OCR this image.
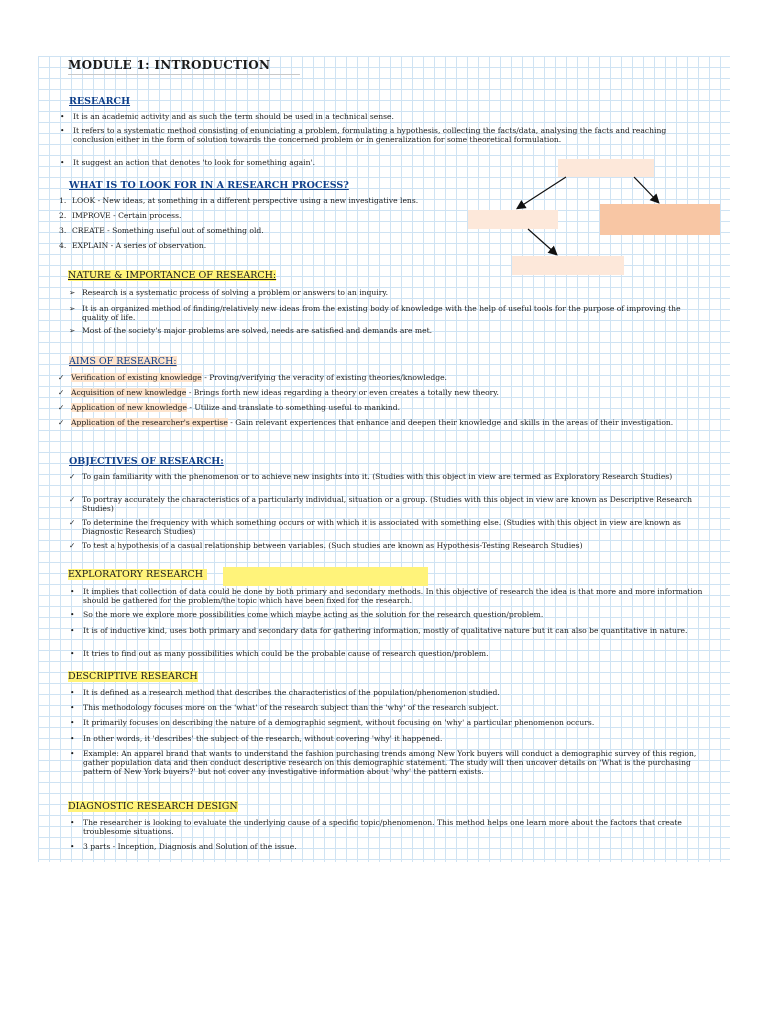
MODULE 1: INTRODUCTION
RESEARCH
•	It is an academic activity and as such the term should be used in a technical sense.
•	It refers to a systematic method consisting of enunciating a problem, formulating a hypothesis, collecting the facts/data, analysing the facts and reaching conclusion either in the form of solution towards the concerned problem or in generalization for some theoretical formulation.
•	It suggest an action that denotes 'to look for something again'.
WHAT IS TO LOOK FOR IN A RESEARCH PROCESS?
1. LOOK - New ideas, at something in a different perspective using a new investigative lens.
2. IMPROVE - Certain process.
3. CREATE - Something useful out of something old.
4. EXPLAIN - A series of observation.
NATURE & IMPORTANCE OF RESEARCH:
➢ Research is a systematic process of solving a problem or answers to an inquiry.
➢ It is an organized method of finding/relatively new ideas from the existing body of knowledge with the help of useful tools for the purpose of improving the quality of life.
➢ Most of the society's major problems are solved, needs are satisfied and demands are met.
AIMS OF RESEARCH:
✓ Verification of existing knowledge - Proving/verifying the veracity of existing theories/knowledge.
✓ Acquisition of new knowledge - Brings forth new ideas regarding a theory or even creates a totally new theory.
✓ Application of new knowledge - Utilize and translate to something useful to mankind.
✓ Application of the researcher's expertise - Gain relevant experiences that enhance and deepen their knowledge and skills in the areas of their investigation.
OBJECTIVES OF RESEARCH:
✓ To gain familiarity with the phenomenon or to achieve new insights into it. (Studies with this object in view are termed as Exploratory Research Studies)
✓ To portray accurately the characteristics of a particularly individual, situation or a group. (Studies with this object in view are known as Descriptive Research Studies)
✓ To determine the frequency with which something occurs or with which it is associated with something else. (Studies with this object in view are known as Diagnostic Research Studies)
✓ To test a hypothesis of a casual relationship between variables. (Such studies are known as Hypothesis-Testing Research Studies)
EXPLORATORY RESEARCH
•	It implies that collection of data could be done by both primary and secondary methods. In this objective of research the idea is that more and more information should be gathered for the problem/the topic which have been fixed for the research.
•	So the more we explore more possibilities come which maybe acting as the solution for the research question/problem.
•	It is of inductive kind, uses both primary and secondary data for gathering information, mostly of qualitative nature but it can also be quantitative in nature.
•	It tries to find out as many possibilities which could be the probable cause of research question/problem.
DESCRIPTIVE RESEARCH
•	It is defined as a research method that describes the characteristics of the population/phenomenon studied.
•	This methodology focuses more on the 'what' of the research subject than the 'why' of the research subject.
•	It primarily focuses on describing the nature of a demographic segment, without focusing on 'why' a particular phenomenon occurs.
•	In other words, it 'describes' the subject of the research, without covering 'why' it happened.
•	Example: An apparel brand that wants to understand the fashion purchasing trends among New York buyers will conduct a demographic survey of this region, gather population data and then conduct descriptive research on this demographic statement. The study will then uncover details on 'What is the purchasing pattern of New York buyers?' but not cover any investigative information about 'why' the pattern exists.
DIAGNOSTIC RESEARCH DESIGN
•	The researcher is looking to evaluate the underlying cause of a specific topic/phenomenon. This method helps one learn more about the factors that create troublesome situations.
•	3 parts - Inception, Diagnosis and Solution of the issue.
